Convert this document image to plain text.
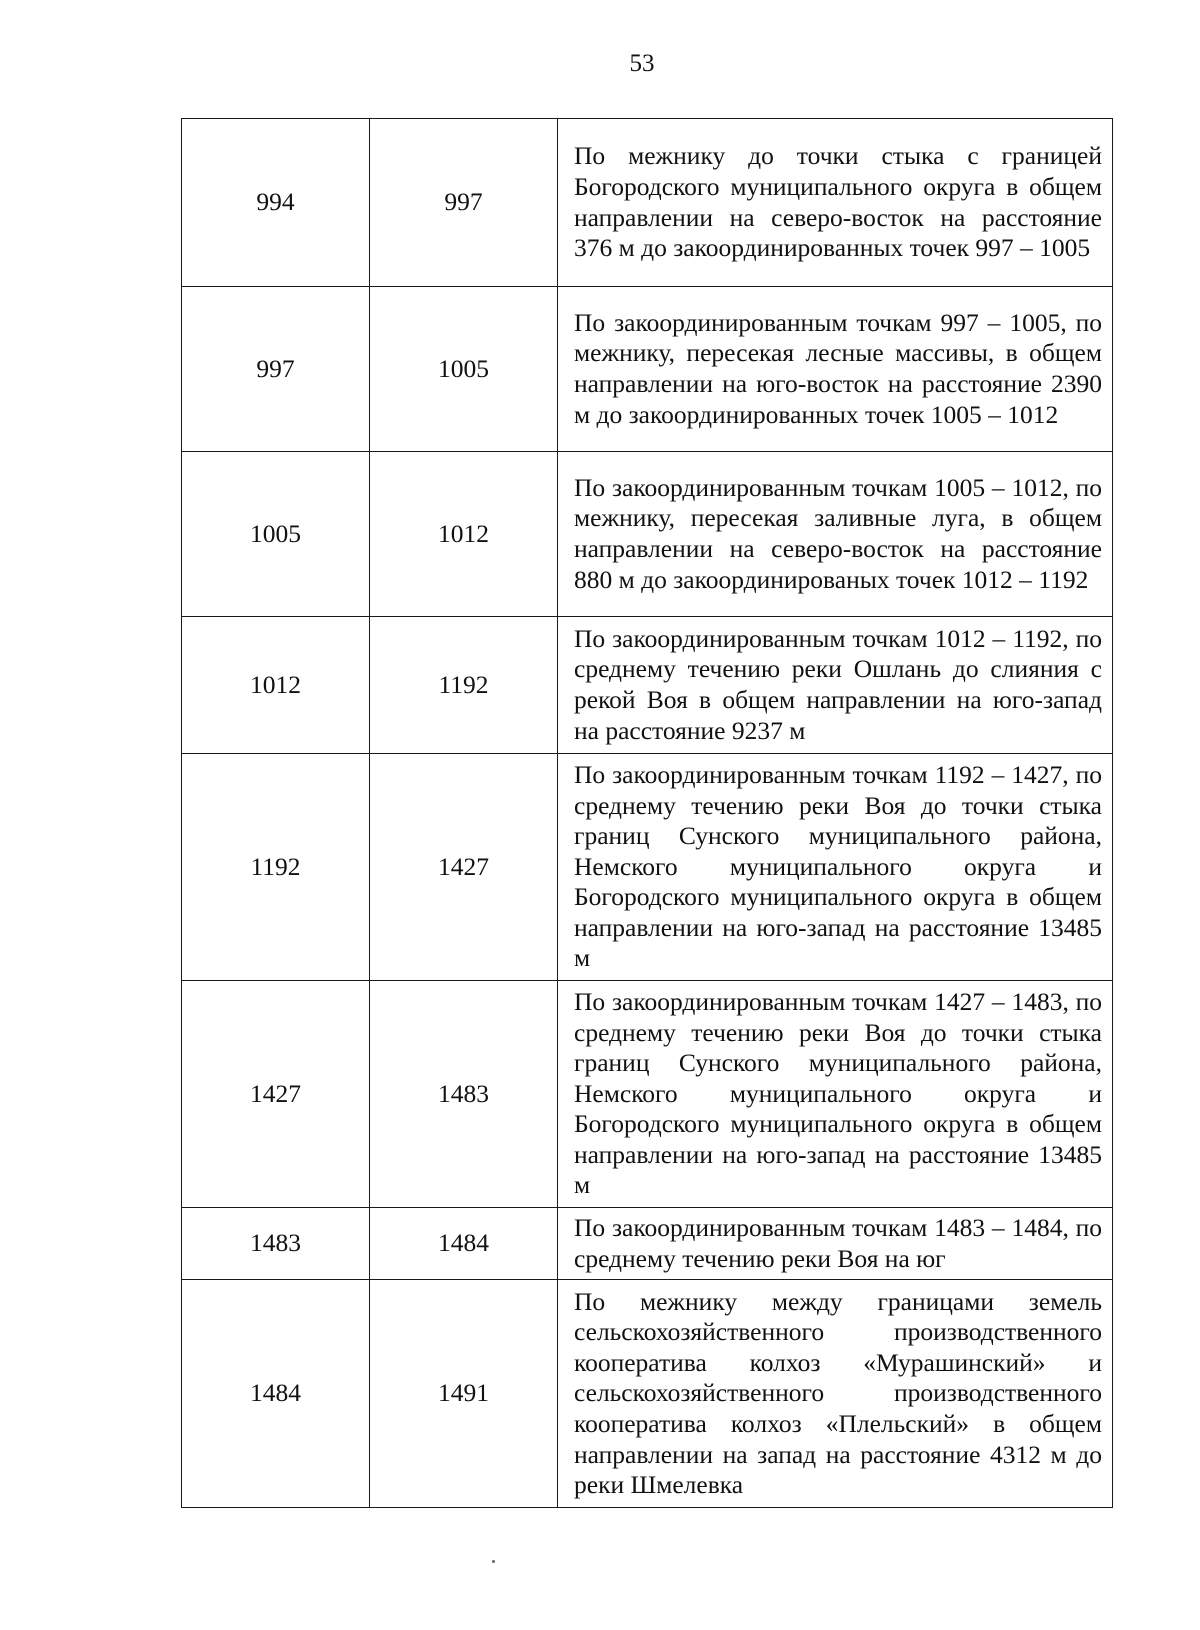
53
994	997	По межнику до точки стыка с границей Богородского муниципального округа в общем направлении на северо-восток на расстояние 376 м до закоординированных точек 997 – 1005
997	1005	По закоординированным точкам 997 – 1005, по межнику, пересекая лесные массивы, в общем направлении на юго-восток на расстояние 2390 м до закоординированных точек 1005 – 1012
1005	1012	По закоординированным точкам 1005 – 1012, по межнику, пересекая заливные луга, в общем направлении на северо-восток на расстояние 880 м до закоординированых точек 1012 – 1192
1012	1192	По закоординированным точкам 1012 – 1192, по среднему течению реки Ошлань до слияния с рекой Воя в общем направлении на юго-запад на расстояние 9237 м
1192	1427	По закоординированным точкам 1192 – 1427, по среднему течению реки Воя до точки стыка границ Сунского муниципального района, Немского муниципального округа и Богородского муниципального округа в общем направлении на юго-запад на расстояние 13485 м
1427	1483	По закоординированным точкам 1427 – 1483, по среднему течению реки Воя до точки стыка границ Сунского муниципального района, Немского муниципального округа и Богородского муниципального округа в общем направлении на юго-запад на расстояние 13485 м
1483	1484	По закоординированным точкам 1483 – 1484, по среднему течению реки Воя на юг
1484	1491	По межнику между границами земель сельскохозяйственного производственного кооператива колхоз «Мурашинский» и сельскохозяйственного производственного кооператива колхоз «Плельский» в общем направлении на запад на расстояние 4312 м до реки Шмелевка
